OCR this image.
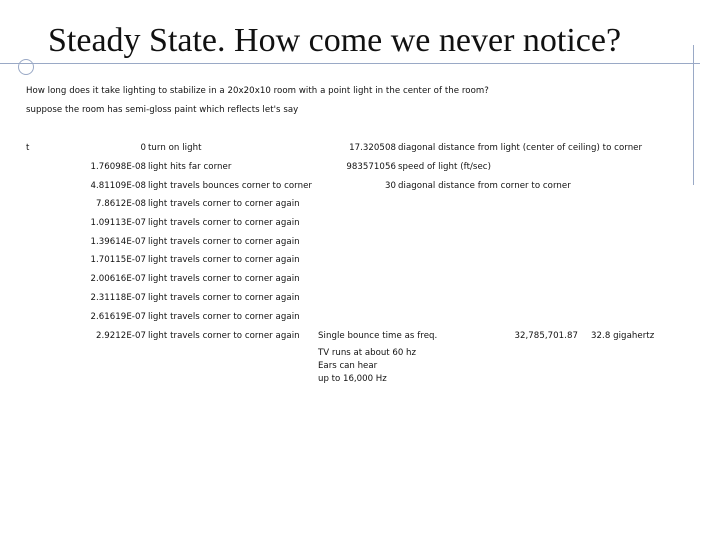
Steady State. How come we never notice?
How long does it take lighting to stabilize in a 20x20x10 room with a point light in the center of the room?
suppose the room has semi-gloss paint which reflects let's say
t	0 turn on light
1.76098E-08 light hits far corner
4.81109E-08 light travels bounces corner to corner
7.8612E-08 light travels corner to corner again
1.09113E-07 light travels corner to corner again
1.39614E-07 light travels corner to corner again
1.70115E-07 light travels corner to corner again
2.00616E-07 light travels corner to corner again
2.31118E-07 light travels corner to corner again
2.61619E-07 light travels corner to corner again
2.9212E-07 light travels corner to corner again
17.320508 diagonal distance from light (center of ceiling) to corner
983571056 speed of light (ft/sec)
30 diagonal distance from corner to corner
Single bounce time as freq.	32,785,701.87 32.8 gigahertz
TV runs at about 60 hz
Ears can hear
up to 16,000 Hz
